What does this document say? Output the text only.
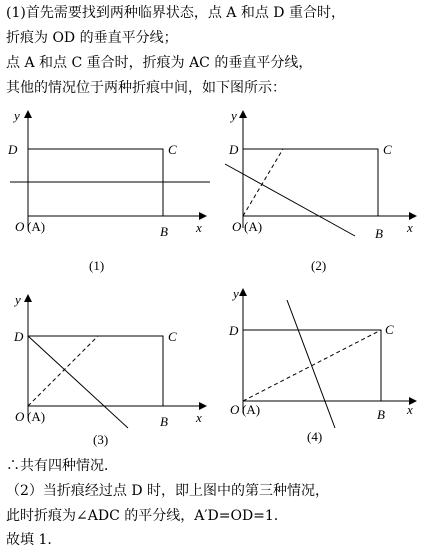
(1)首先需要找到两种临界状态，点 A 和点 D 重合时，
折痕为 OD 的垂直平分线；
点 A 和点 C 重合时，折痕为 AC 的垂直平分线，
其他的情况位于两种折痕中间，如下图所示：
y
D	C
O (A)	B x
(1)
y
D	C
O (A)	B x
(2)
y
D	C
O (A)	B x
(3)
y
D	C
O (A)	B x
(4)
∴共有四种情况．
（2）当折痕经过点 D 时，即上图中的第三种情况，
此时折痕为∠ADC 的平分线，A′D=OD=1.
故填 1.
